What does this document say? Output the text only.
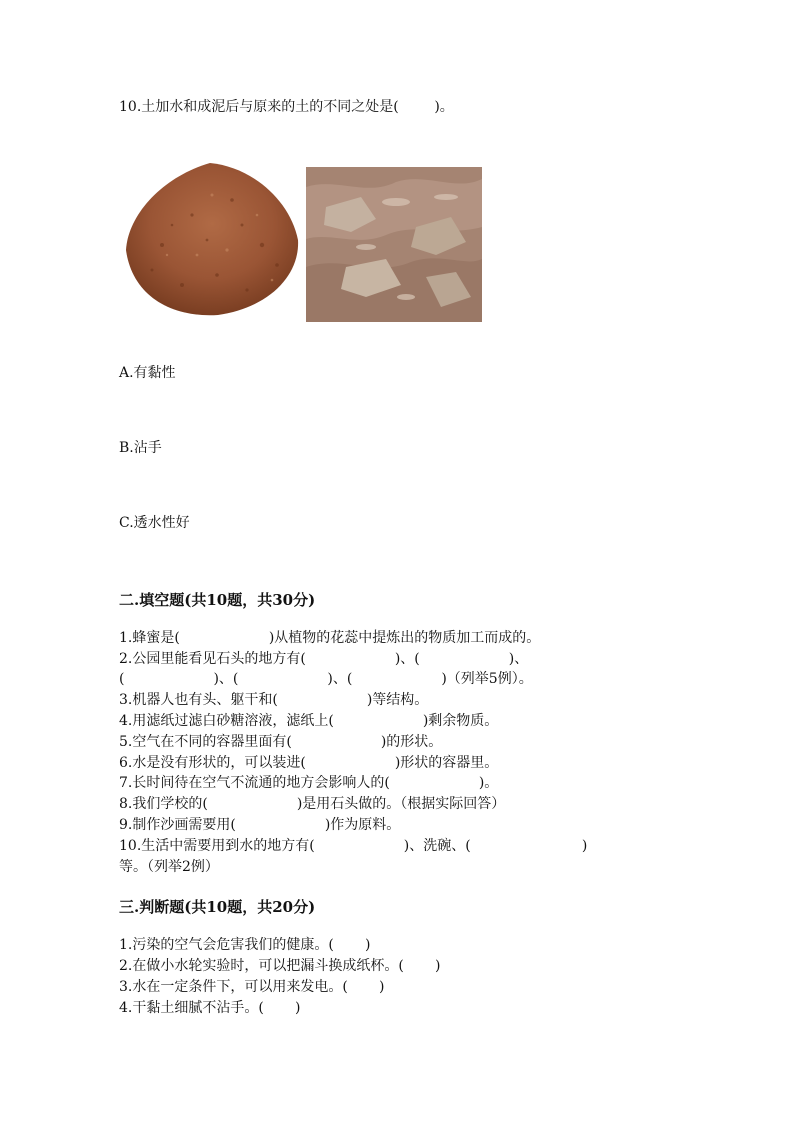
10.土加水和成泥后与原来的土的不同之处是(        )。
A.有黏性
B.沾手
C.透水性好
二.填空题(共10题，共30分)
1.蜂蜜是(                    )从植物的花蕊中提炼出的物质加工而成的。
2.公园里能看见石头的地方有(                    )、(                    )、
(                    )、(                    )、(                    )（列举5例）。
3.机器人也有头、躯干和(                    )等结构。
4.用滤纸过滤白砂糖溶液，滤纸上(                    )剩余物质。
5.空气在不同的容器里面有(                    )的形状。
6.水是没有形状的，可以装进(                    )形状的容器里。
7.长时间待在空气不流通的地方会影响人的(                    )。
8.我们学校的(                    )是用石头做的。（根据实际回答）
9.制作沙画需要用(                    )作为原料。
10.生活中需要用到水的地方有(                    )、洗碗、(                         )
等。（列举2例）
三.判断题(共10题，共20分)
1.污染的空气会危害我们的健康。(       )
2.在做小水轮实验时，可以把漏斗换成纸杯。(       )
3.水在一定条件下，可以用来发电。(       )
4.干黏土细腻不沾手。(       )
